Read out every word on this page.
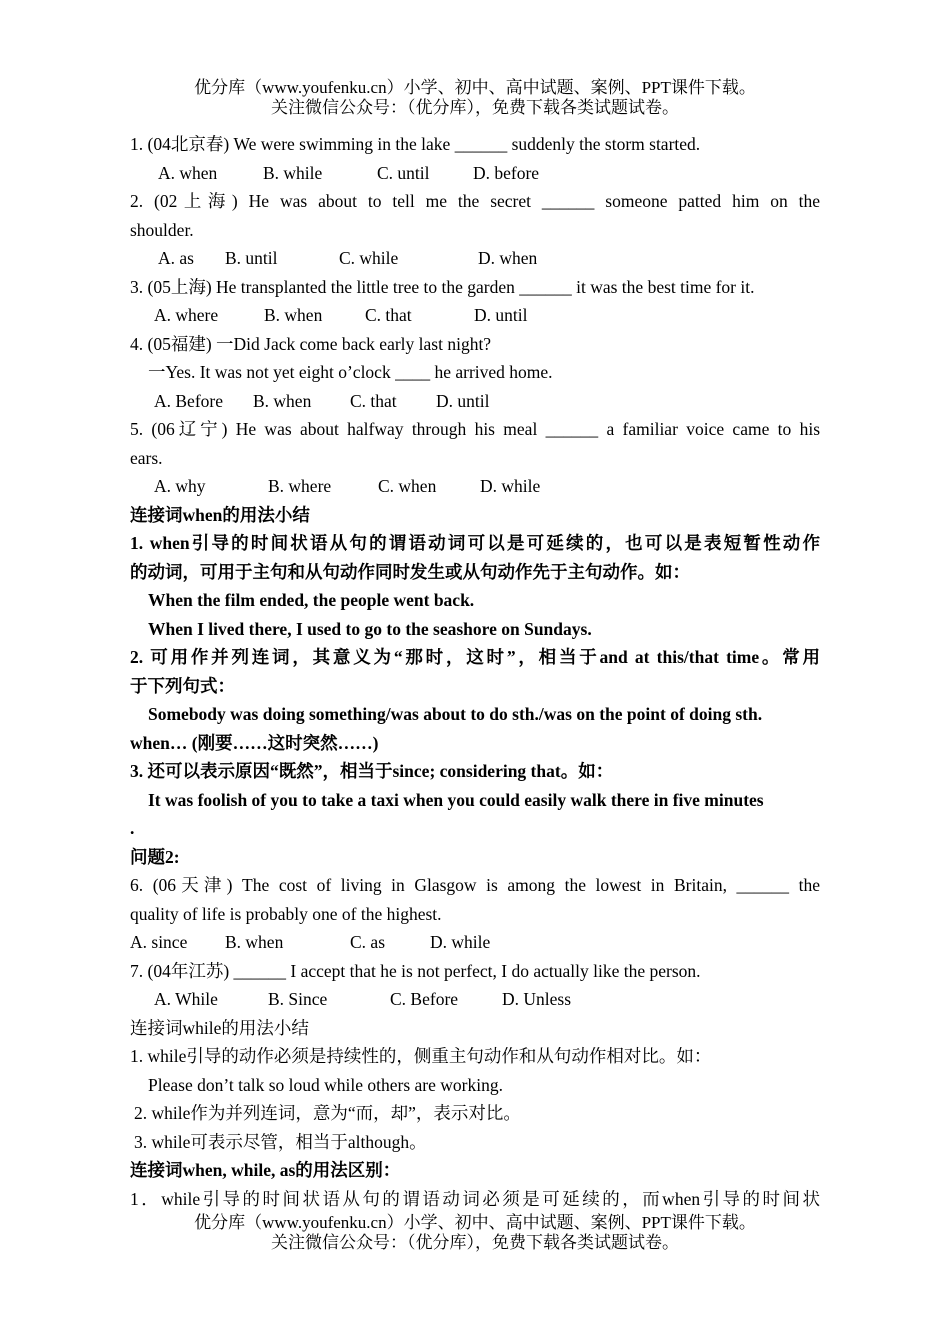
优分库（www.youfenku.cn）小学、初中、高中试题、案例、PPT课件下载。
关注微信公众号：（优分库），免费下载各类试题试卷。
1. (04北京春) We were swimming in the lake ______ suddenly the storm started.
A. when	B. while	C. until D. before
2. (02上海) He was about to tell me the secret ______ someone patted him on the
shoulder.
A. as B. until	C. while	D. when
3. (05上海) He transplanted the little tree to the garden ______ it was the best time for it.
A. where	B. when C. that	D. until
4. (05福建) 一Did Jack come back early last night?
一Yes. It was not yet eight o’clock ____ he arrived home.
A. Before B. when C. that D. until
5. (06辽宁) He was about halfway through his meal ______ a familiar voice came to his
ears.
A. why	B. where	C. when D. while
连接词when的用法小结
1. when引导的时间状语从句的谓语动词可以是可延续的，也可以是表短暂性动作
的动词，可用于主句和从句动作同时发生或从句动作先于主句动作。如：
When the film ended, the people went back.
When I lived there, I used to go to the seashore on Sundays.
2. 可用作并列连词，其意义为“那时，这时”，相当于and at this/that time。常用
于下列句式：
Somebody was doing something/was about to do sth./was on the point of doing sth.
when… (刚要……这时突然……)
3. 还可以表示原因“既然”，相当于since; considering that。如：
It was foolish of you to take a taxi when you could easily walk there in five minutes
.
问题2:
6. (06天津) The cost of living in Glasgow is among the lowest in Britain, ______ the
quality of life is probably one of the highest.
A. since B. when	C. as	D. while
7. (04年江苏) ______ I accept that he is not perfect, I do actually like the person.
A. While	B. Since	C. Before	D. Unless
连接词while的用法小结
1. while引导的动作必须是持续性的，侧重主句动作和从句动作相对比。如：
Please don’t talk so loud while others are working.
2. while作为并列连词，意为“而，却”，表示对比。
3. while可表示尽管，相当于although。
连接词when, while, as的用法区别：
1．while引导的时间状语从句的谓语动词必须是可延续的，而when引导的时间状
优分库（www.youfenku.cn）小学、初中、高中试题、案例、PPT课件下载。
关注微信公众号：（优分库），免费下载各类试题试卷。
